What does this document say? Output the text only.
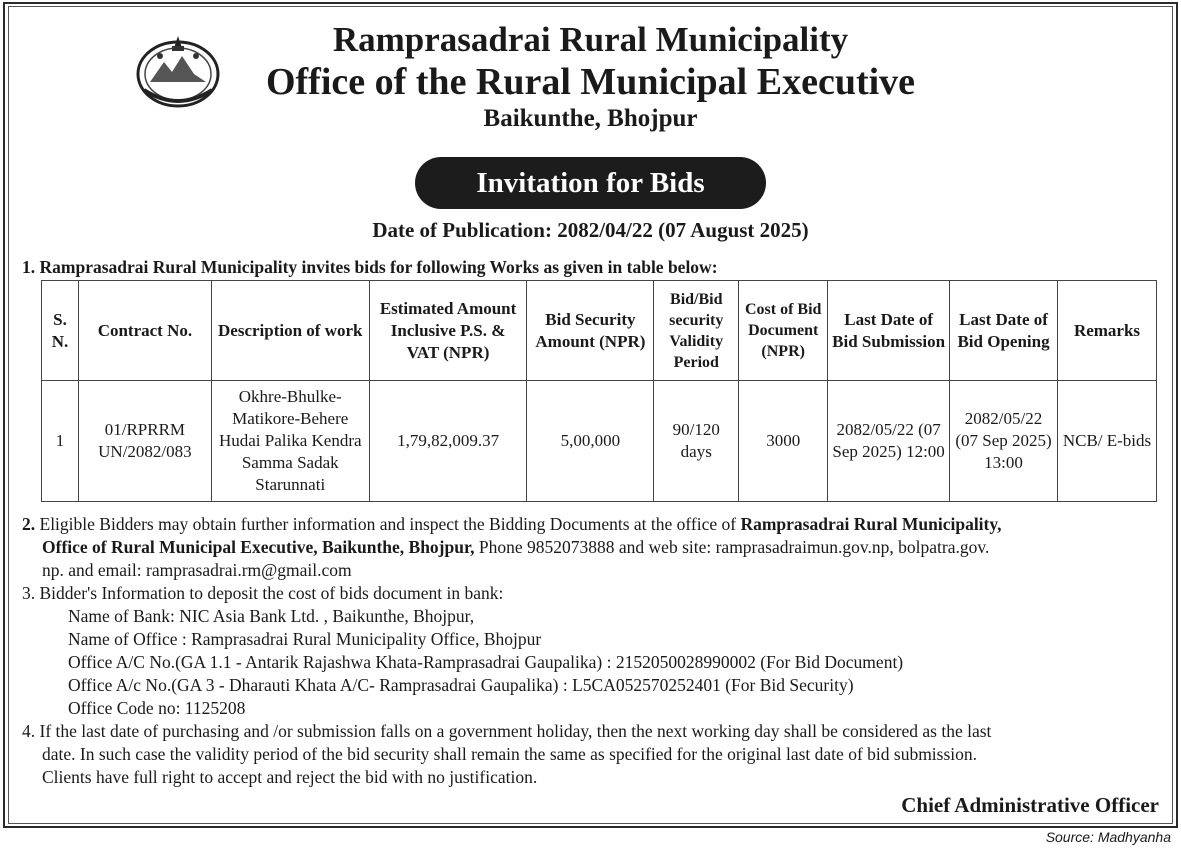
Ramprasadrai Rural Municipality
Office of the Rural Municipal Executive
Baikunthe, Bhojpur
Invitation for Bids
Date of Publication: 2082/04/22 (07 August 2025)
1. Ramprasadrai Rural Municipality invites bids for following Works as given in table below:
S. N.	Contract No.	Description of work	Estimated Amount Inclusive P.S. & VAT (NPR)	Bid Security Amount (NPR)	Bid/Bid security Validity Period	Cost of Bid Document (NPR)	Last Date of Bid Submission	Last Date of Bid Opening	Remarks
1	01/RPRRM UN/2082/083	Okhre-Bhulke-Matikore-Behere Hudai Palika Kendra Samma Sadak Starunnati	1,79,82,009.37	5,00,000	90/120 days	3000	2082/05/22 (07 Sep 2025) 12:00	2082/05/22 (07 Sep 2025) 13:00	NCB/ E-bids
2. Eligible Bidders may obtain further information and inspect the Bidding Documents at the office of Ramprasadrai Rural Municipality,
Office of Rural Municipal Executive, Baikunthe, Bhojpur, Phone 9852073888 and web site: ramprasadraimun.gov.np, bolpatra.gov.
np. and email: ramprasadrai.rm@gmail.com
3. Bidder's Information to deposit the cost of bids document in bank:
Name of Bank: NIC Asia Bank Ltd. , Baikunthe, Bhojpur,
Name of Office : Ramprasadrai Rural Municipality Office, Bhojpur
Office A/C No.(GA 1.1 - Antarik Rajashwa Khata-Ramprasadrai Gaupalika) : 2152050028990002 (For Bid Document)
Office A/c No.(GA 3 - Dharauti Khata A/C- Ramprasadrai Gaupalika) : L5CA052570252401 (For Bid Security)
Office Code no: 1125208
4. If the last date of purchasing and /or submission falls on a government holiday, then the next working day shall be considered as the last
date. In such case the validity period of the bid security shall remain the same as specified for the original last date of bid submission.
Clients have full right to accept and reject the bid with no justification.
Chief Administrative Officer
Source: Madhyanha
